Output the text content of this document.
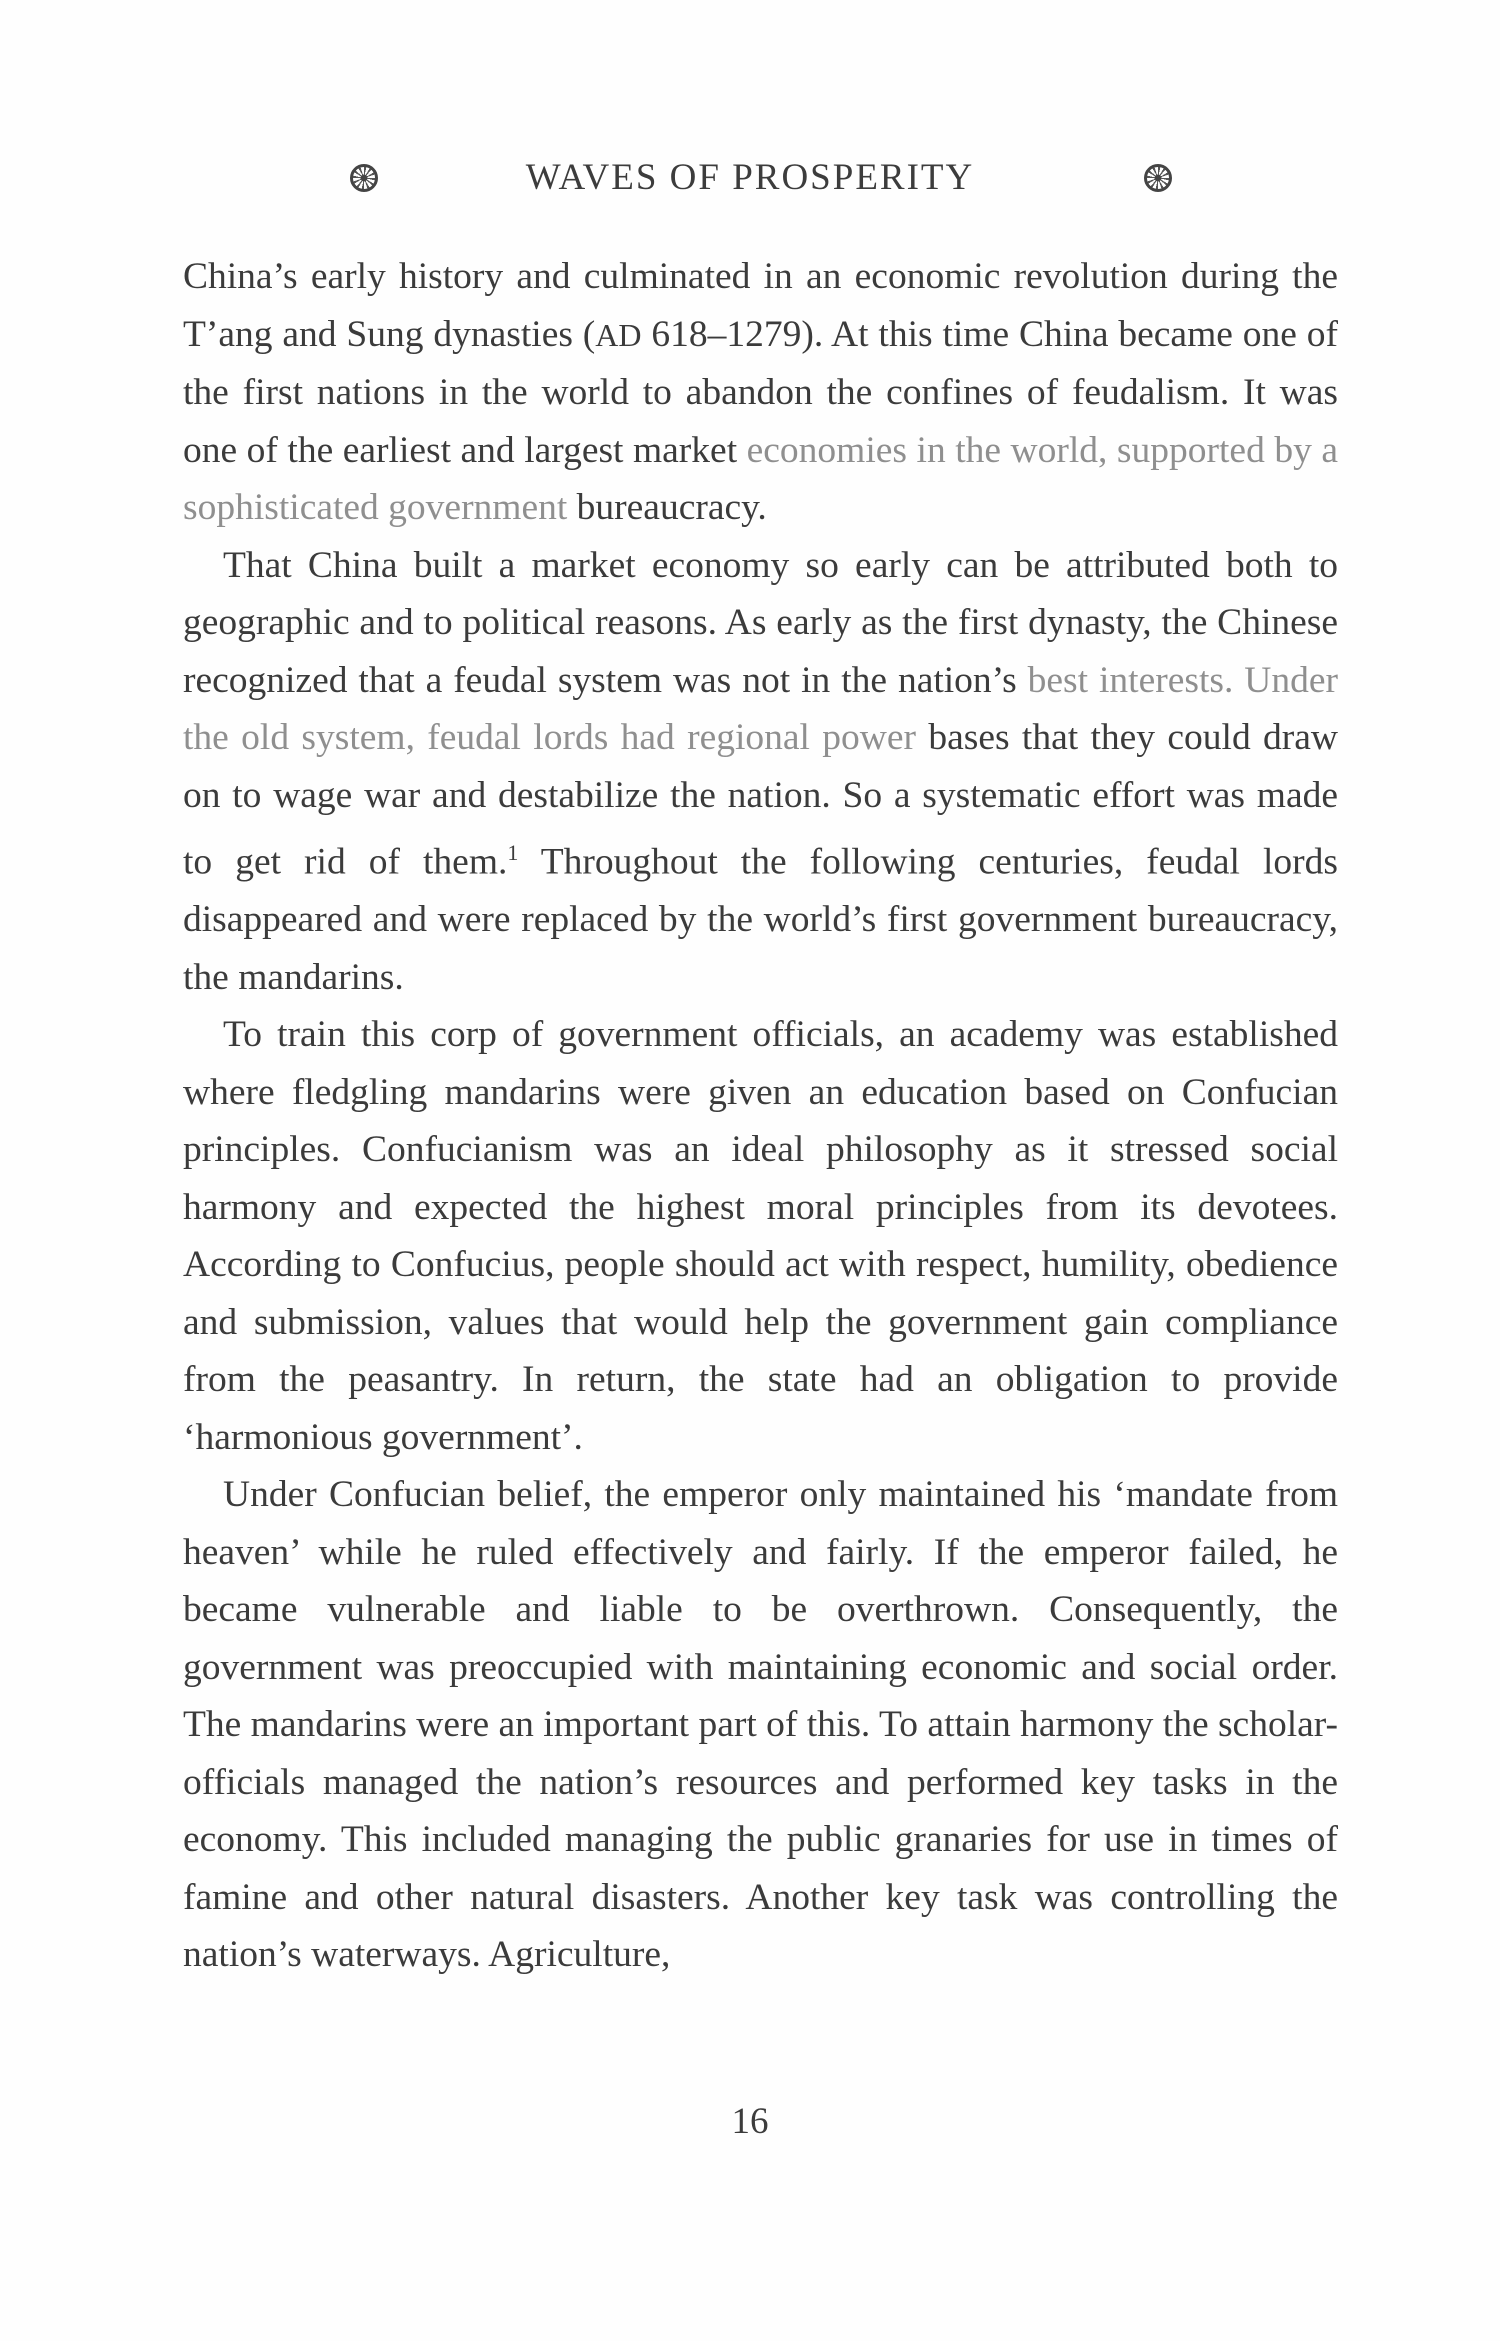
WAVES OF PROSPERITY

China’s early history and culminated in an economic revolution during the T’ang and Sung dynasties (AD 618–1279). At this time China became one of the first nations in the world to abandon the confines of feudalism. It was one of the earliest and largest market economies in the world, supported by a sophisticated government bureaucracy.

That China built a market economy so early can be attributed both to geographic and to political reasons. As early as the first dynasty, the Chinese recognized that a feudal system was not in the nation’s best interests. Under the old system, feudal lords had regional power bases that they could draw on to wage war and destabilize the nation. So a systematic effort was made to get rid of them.$^1$ Throughout the following centuries, feudal lords disappeared and were replaced by the world’s first government bureaucracy, the mandarins.

To train this corp of government officials, an academy was established where fledgling mandarins were given an education based on Confucian principles. Confucianism was an ideal philosophy as it stressed social harmony and expected the highest moral principles from its devotees. According to Confucius, people should act with respect, humility, obedience and submission, values that would help the government gain compliance from the peasantry. In return, the state had an obligation to provide ‘harmonious government’.

Under Confucian belief, the emperor only maintained his ‘mandate from heaven’ while he ruled effectively and fairly. If the emperor failed, he became vulnerable and liable to be overthrown. Consequently, the government was preoccupied with maintaining economic and social order. The mandarins were an important part of this. To attain harmony the scholar-officials managed the nation’s resources and performed key tasks in the economy. This included managing the public granaries for use in times of famine and other natural disasters. Another key task was controlling the nation’s waterways. Agriculture,

16
